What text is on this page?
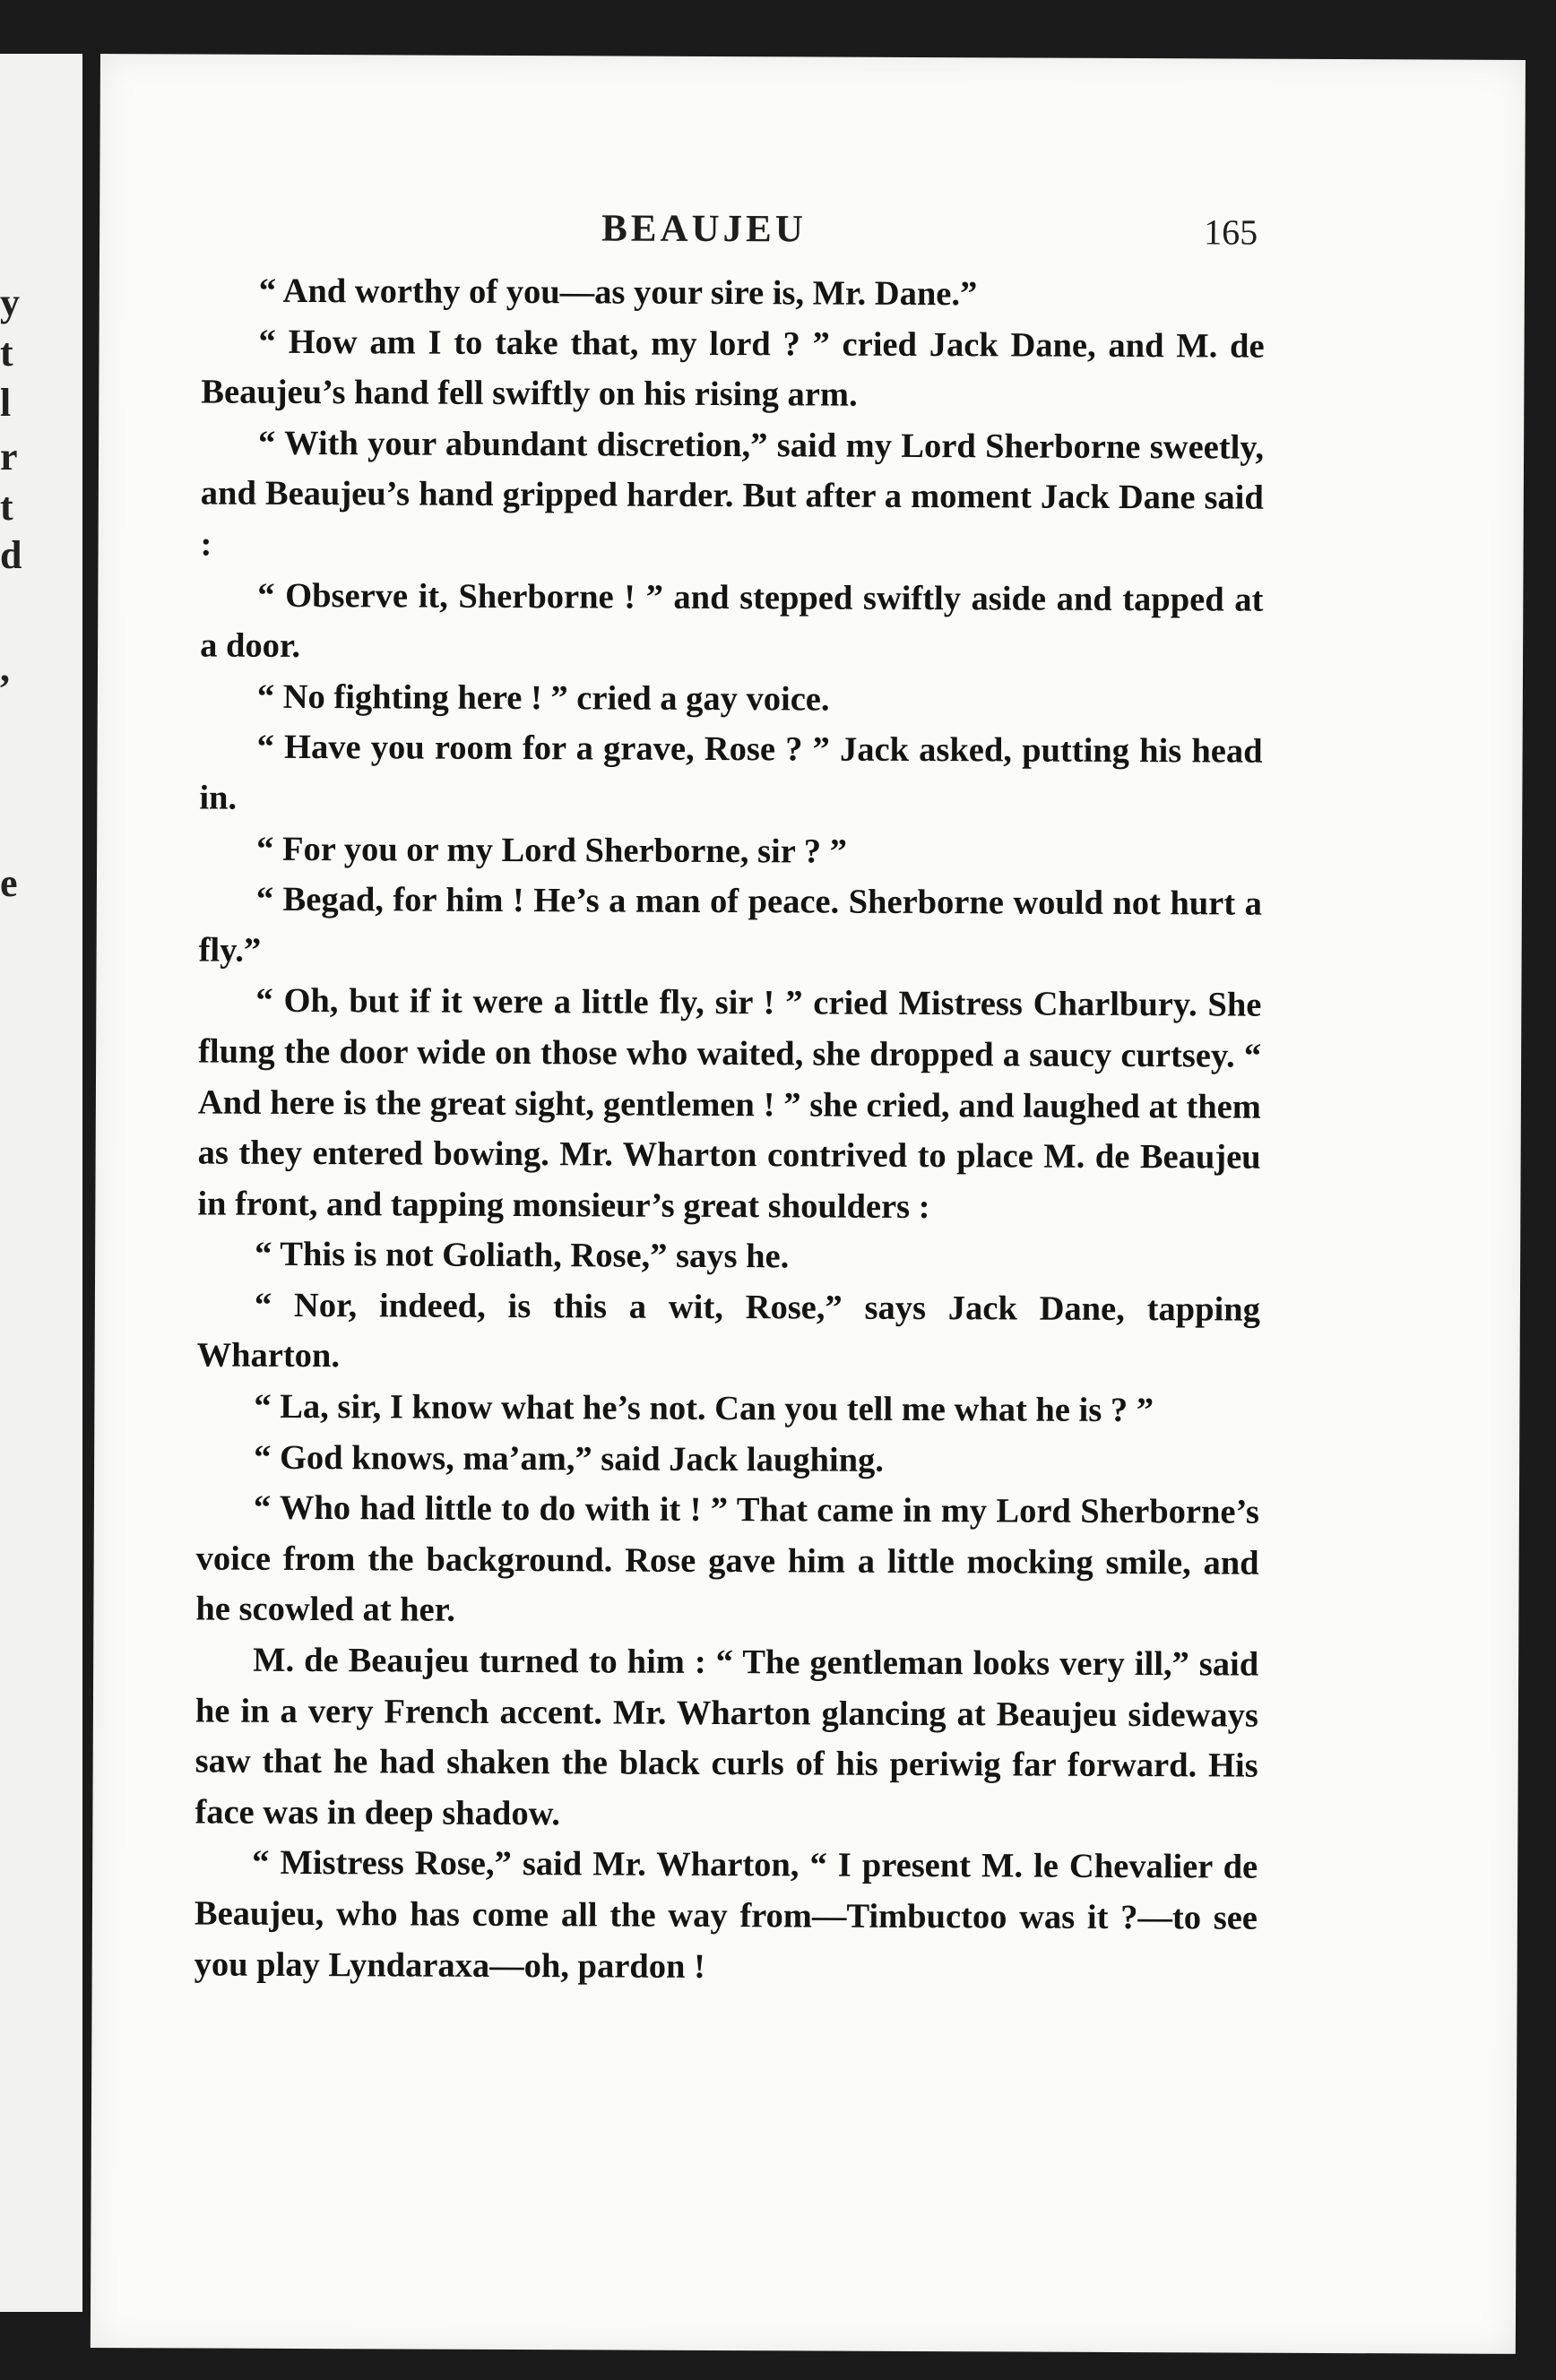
y
t
l
r
t
d
,
e
BEAUJEU	165

“ And worthy of you—as your sire is, Mr. Dane.”

“ How am I to take that, my lord ? ” cried Jack Dane, and M. de Beaujeu’s hand fell swiftly on his rising arm.

“ With your abundant discretion,” said my Lord Sherborne sweetly, and Beaujeu’s hand gripped harder. But after a moment Jack Dane said :

“ Observe it, Sherborne ! ” and stepped swiftly aside and tapped at a door.

“ No fighting here ! ” cried a gay voice.

“ Have you room for a grave, Rose ? ” Jack asked, putting his head in.

“ For you or my Lord Sherborne, sir ? ”

“ Begad, for him ! He’s a man of peace. Sherborne would not hurt a fly.”

“ Oh, but if it were a little fly, sir ! ” cried Mistress Charlbury. She flung the door wide on those who waited, she dropped a saucy curtsey. “ And here is the great sight, gentlemen ! ” she cried, and laughed at them as they entered bowing. Mr. Wharton contrived to place M. de Beaujeu in front, and tapping monsieur’s great shoulders :

“ This is not Goliath, Rose,” says he.

“ Nor, indeed, is this a wit, Rose,” says Jack Dane, tapping Wharton.

“ La, sir, I know what he’s not. Can you tell me what he is ? ”

“ God knows, ma’am,” said Jack laughing.

“ Who had little to do with it ! ” That came in my Lord Sherborne’s voice from the background. Rose gave him a little mocking smile, and he scowled at her.

M. de Beaujeu turned to him : “ The gentleman looks very ill,” said he in a very French accent. Mr. Wharton glancing at Beaujeu sideways saw that he had shaken the black curls of his periwig far forward. His face was in deep shadow.

“ Mistress Rose,” said Mr. Wharton, “ I present M. le Chevalier de Beaujeu, who has come all the way from—Timbuctoo was it ?—to see you play Lyndaraxa—oh, pardon !
